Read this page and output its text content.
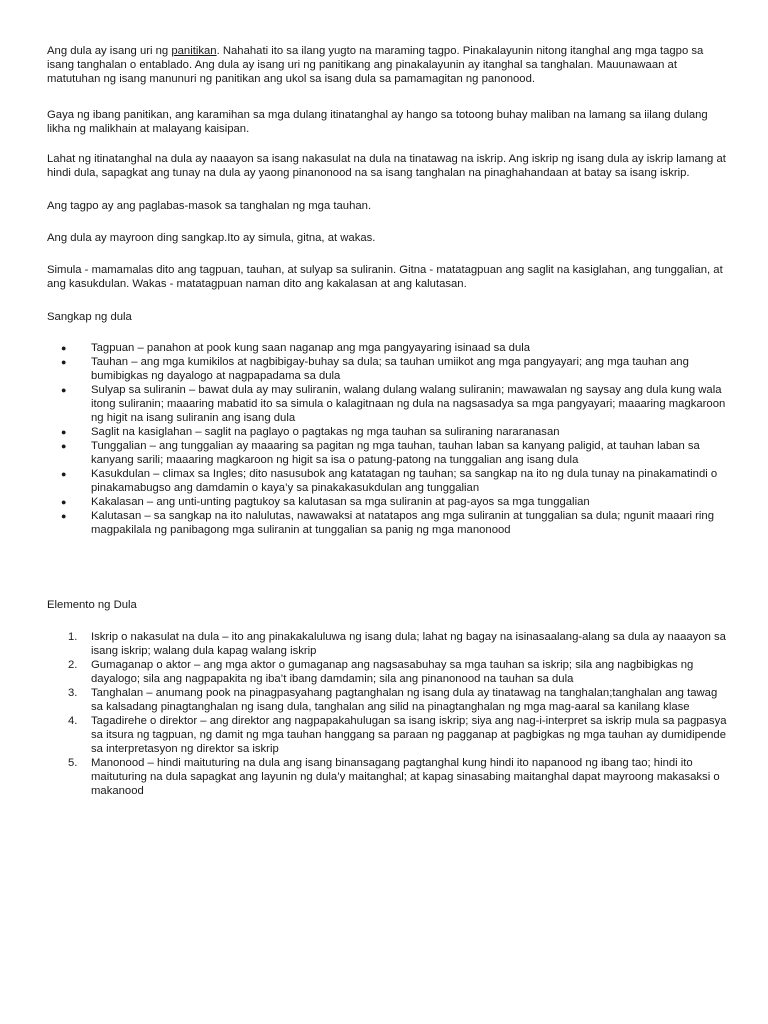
Ang dula ay isang uri ng panitikan. Nahahati ito sa ilang yugto na maraming tagpo. Pinakalayunin nitong itanghal ang mga tagpo sa isang tanghalan o entablado. Ang dula ay isang uri ng panitikang ang pinakalayunin ay itanghal sa tanghalan. Mauunawaan at matutuhan ng isang manunuri ng panitikan ang ukol sa isang dula sa pamamagitan ng panonood.

Gaya ng ibang panitikan, ang karamihan sa mga dulang itinatanghal ay hango sa totoong buhay maliban na lamang sa iilang dulang likha ng malikhain at malayang kaisipan.

Lahat ng itinatanghal na dula ay naaayon sa isang nakasulat na dula na tinatawag na iskrip. Ang iskrip ng isang dula ay iskrip lamang at hindi dula, sapagkat ang tunay na dula ay yaong pinanonood na sa isang tanghalan na pinaghahandaan at batay sa isang iskrip.

Ang tagpo ay ang paglabas-masok sa tanghalan ng mga tauhan.

Ang dula ay mayroon ding sangkap.Ito ay simula, gitna, at wakas.

Simula - mamamalas dito ang tagpuan, tauhan, at sulyap sa suliranin. Gitna - matatagpuan ang saglit na kasiglahan, ang tunggalian, at ang kasukdulan. Wakas - matatagpuan naman dito ang kakalasan at ang kalutasan.

Sangkap ng dula

● Tagpuan – panahon at pook kung saan naganap ang mga pangyayaring isinaad sa dula
● Tauhan – ang mga kumikilos at nagbibigay-buhay sa dula; sa tauhan umiikot ang mga pangyayari; ang mga tauhan ang bumibigkas ng dayalogo at nagpapadama sa dula
● Sulyap sa suliranin – bawat dula ay may suliranin, walang dulang walang suliranin; mawawalan ng saysay ang dula kung wala itong suliranin; maaaring mabatid ito sa simula o kalagitnaan ng dula na nagsasadya sa mga pangyayari; maaaring magkaroon ng higit na isang suliranin ang isang dula
● Saglit na kasiglahan – saglit na paglayo o pagtakas ng mga tauhan sa suliraning nararanasan
● Tunggalian – ang tunggalian ay maaaring sa pagitan ng mga tauhan, tauhan laban sa kanyang paligid, at tauhan laban sa kanyang sarili; maaaring magkaroon ng higit sa isa o patung-patong na tunggalian ang isang dula
● Kasukdulan – climax sa Ingles; dito nasusubok ang katatagan ng tauhan; sa sangkap na ito ng dula tunay na pinakamatindi o pinakamabugso ang damdamin o kaya’y sa pinakakasukdulan ang tunggalian
● Kakalasan – ang unti-unting pagtukoy sa kalutasan sa mga suliranin at pag-ayos sa mga tunggalian
● Kalutasan – sa sangkap na ito nalulutas, nawawaksi at natatapos ang mga suliranin at tunggalian sa dula; ngunit maaari ring magpakilala ng panibagong mga suliranin at tunggalian sa panig ng mga manonood

Elemento ng Dula

1. Iskrip o nakasulat na dula – ito ang pinakakaluluwa ng isang dula; lahat ng bagay na isinasaalang-alang sa dula ay naaayon sa isang iskrip; walang dula kapag walang iskrip
2. Gumaganap o aktor – ang mga aktor o gumaganap ang nagsasabuhay sa mga tauhan sa iskrip; sila ang nagbibigkas ng dayalogo; sila ang nagpapakita ng iba’t ibang damdamin; sila ang pinanonood na tauhan sa dula
3. Tanghalan – anumang pook na pinagpasyahang pagtanghalan ng isang dula ay tinatawag na tanghalan;tanghalan ang tawag sa kalsadang pinagtanghalan ng isang dula, tanghalan ang silid na pinagtanghalan ng mga mag-aaral sa kanilang klase
4. Tagadirehe o direktor – ang direktor ang nagpapakahulugan sa isang iskrip; siya ang nag-i-interpret sa iskrip mula sa pagpasya sa itsura ng tagpuan, ng damit ng mga tauhan hanggang sa paraan ng pagganap at pagbigkas ng mga tauhan ay dumidipende sa interpretasyon ng direktor sa iskrip
5. Manonood – hindi maituturing na dula ang isang binansagang pagtanghal kung hindi ito napanood ng ibang tao; hindi ito maituturing na dula sapagkat ang layunin ng dula’y maitanghal; at kapag sinasabing maitanghal dapat mayroong makasaksi o makanood
